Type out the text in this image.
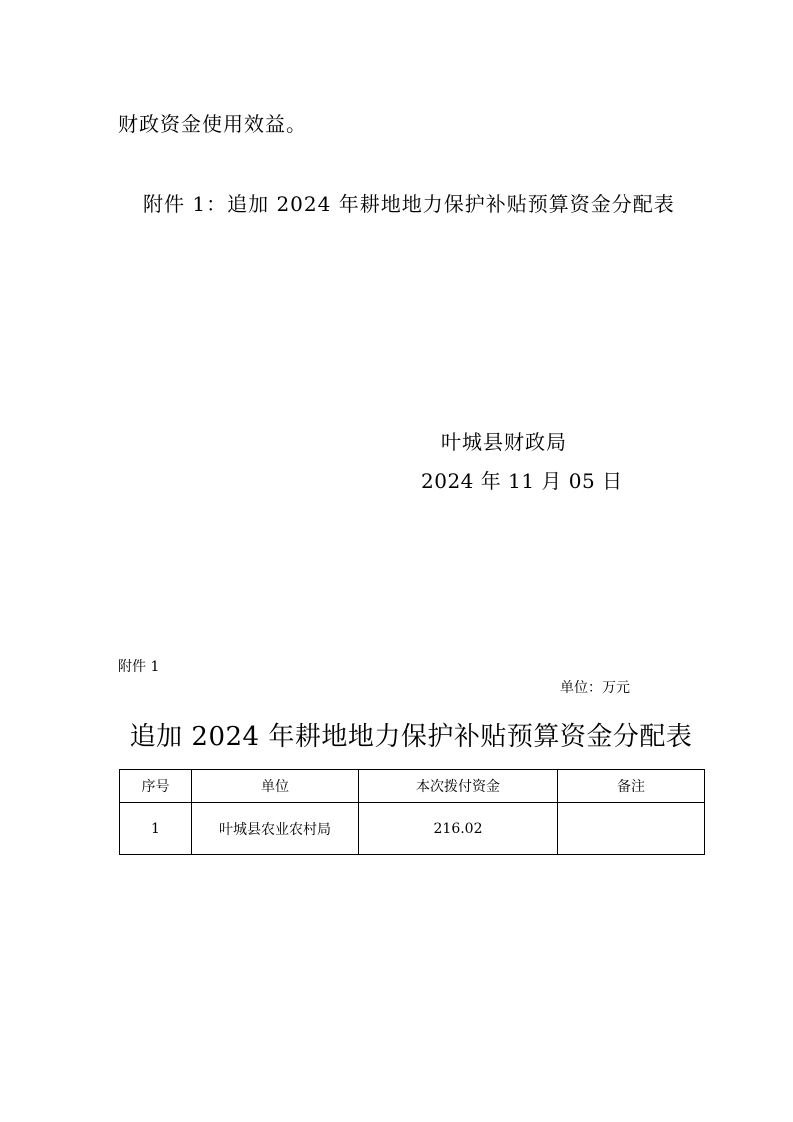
财政资金使用效益。
附件 1：追加 2024 年耕地地力保护补贴预算资金分配表
叶城县财政局
2024 年 11 月 05 日
附件 1
单位：万元
追加 2024 年耕地地力保护补贴预算资金分配表
序号	单位	本次拨付资金	备注
1	叶城县农业农村局	216.02	
